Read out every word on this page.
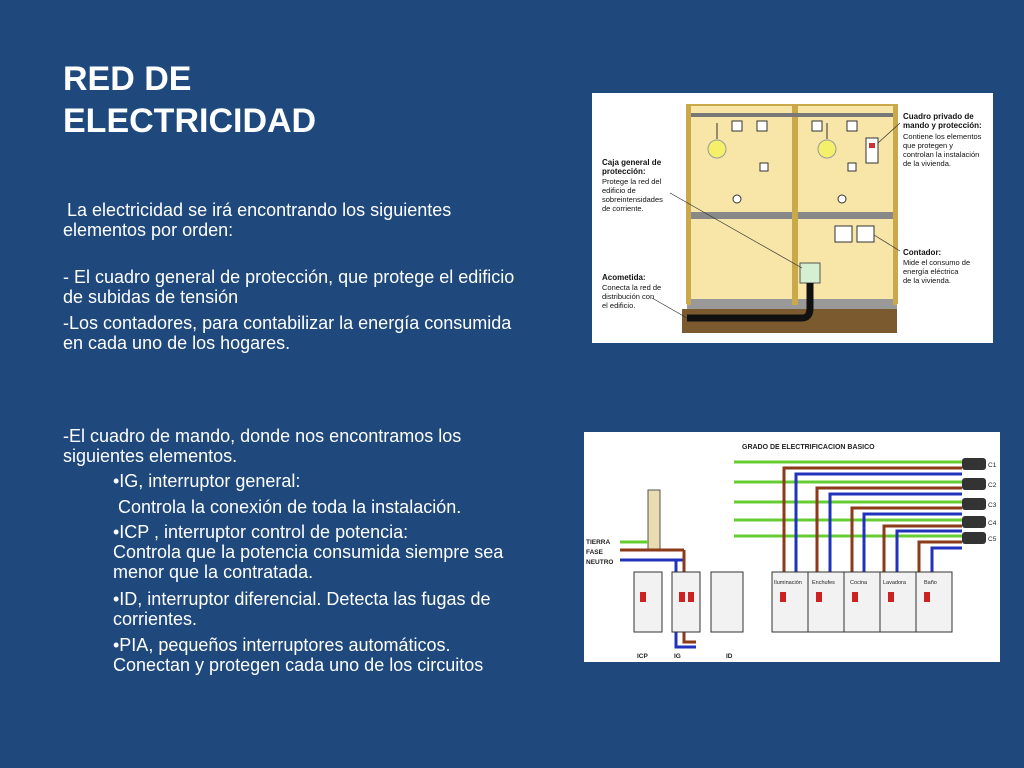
RED DE
ELECTRICIDAD

La electricidad se irá encontrando los siguientes

elementos por orden:

- El cuadro general de protección, que protege el edificio

de subidas de tensión

-Los contadores, para contabilizar la energía consumida

en cada uno de los hogares.

-El cuadro de mando, donde nos encontramos los

siguientes elementos.

•IG, interruptor general:

Controla la conexión de toda la instalación.

•ICP , interruptor control de potencia:

Controla que la potencia consumida siempre sea

menor que la contratada.

•ID, interruptor diferencial. Detecta las fugas de

corrientes.

•PIA, pequeños interruptores automáticos.

Conectan y protegen cada uno de los circuitos

Caja general de
protección:
Protege la red del
edificio de
sobreintensidades
de corriente.
Acometida:
Conecta la red de
distribución con
el edificio.
Cuadro privado de
mando y protección:
Contiene los elementos
que protegen y
controlan la instalación
de la vivienda.
Contador:
Mide el consumo de
energía eléctrica
de la vivienda.
GRADO DE ELECTRIFICACION BASICO
TIERRA
FASE
NEUTRO
Iluminación Enchufes	Cocina	Lavadora	Baño
ICP	IG	ID
C1
C2
C3
C4
C5
